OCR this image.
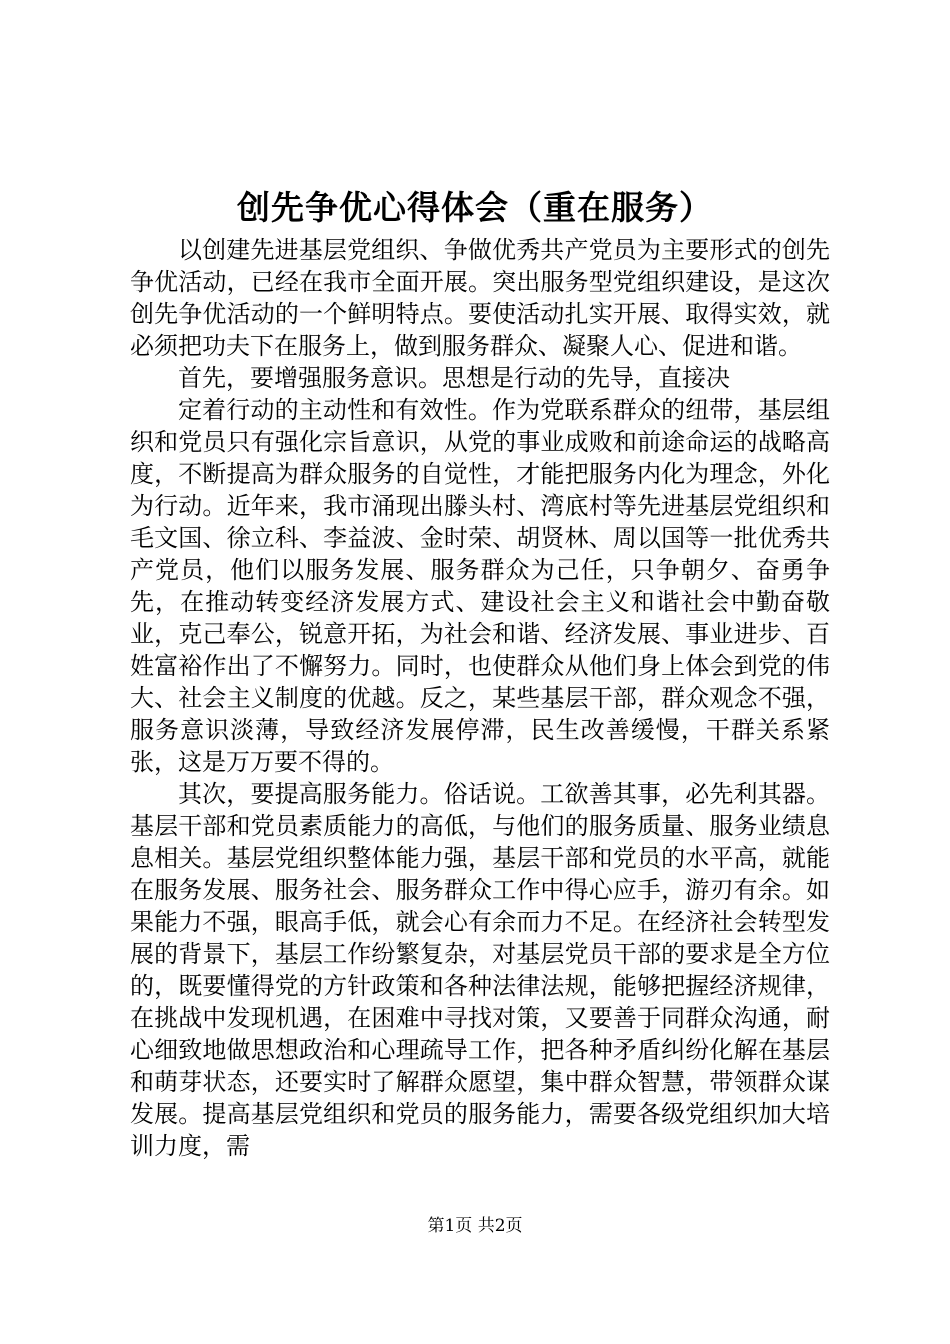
创先争优心得体会（重在服务）

以创建先进基层党组织、争做优秀共产党员为主要形式的创先争优活动，已经在我市全面开展。突出服务型党组织建设，是这次创先争优活动的一个鲜明特点。要使活动扎实开展、取得实效，就必须把功夫下在服务上，做到服务群众、凝聚人心、促进和谐。

首先，要增强服务意识。思想是行动的先导，直接决

定着行动的主动性和有效性。作为党联系群众的纽带，基层组织和党员只有强化宗旨意识，从党的事业成败和前途命运的战略高度，不断提高为群众服务的自觉性，才能把服务内化为理念，外化为行动。近年来，我市涌现出滕头村、湾底村等先进基层党组织和毛文国、徐立科、李益波、金时荣、胡贤林、周以国等一批优秀共产党员，他们以服务发展、服务群众为己任，只争朝夕、奋勇争先，在推动转变经济发展方式、建设社会主义和谐社会中勤奋敬业，克己奉公，锐意开拓，为社会和谐、经济发展、事业进步、百姓富裕作出了不懈努力。同时，也使群众从他们身上体会到党的伟大、社会主义制度的优越。反之，某些基层干部，群众观念不强，服务意识淡薄，导致经济发展停滞，民生改善缓慢，干群关系紧张，这是万万要不得的。

其次，要提高服务能力。俗话说。工欲善其事，必先利其器。基层干部和党员素质能力的高低，与他们的服务质量、服务业绩息息相关。基层党组织整体能力强，基层干部和党员的水平高，就能在服务发展、服务社会、服务群众工作中得心应手，游刃有余。如果能力不强，眼高手低，就会心有余而力不足。在经济社会转型发展的背景下，基层工作纷繁复杂，对基层党员干部的要求是全方位的，既要懂得党的方针政策和各种法律法规，能够把握经济规律，在挑战中发现机遇，在困难中寻找对策，又要善于同群众沟通，耐心细致地做思想政治和心理疏导工作，把各种矛盾纠纷化解在基层和萌芽状态，还要实时了解群众愿望，集中群众智慧，带领群众谋发展。提高基层党组织和党员的服务能力，需要各级党组织加大培训力度，需

第1页 共2页
